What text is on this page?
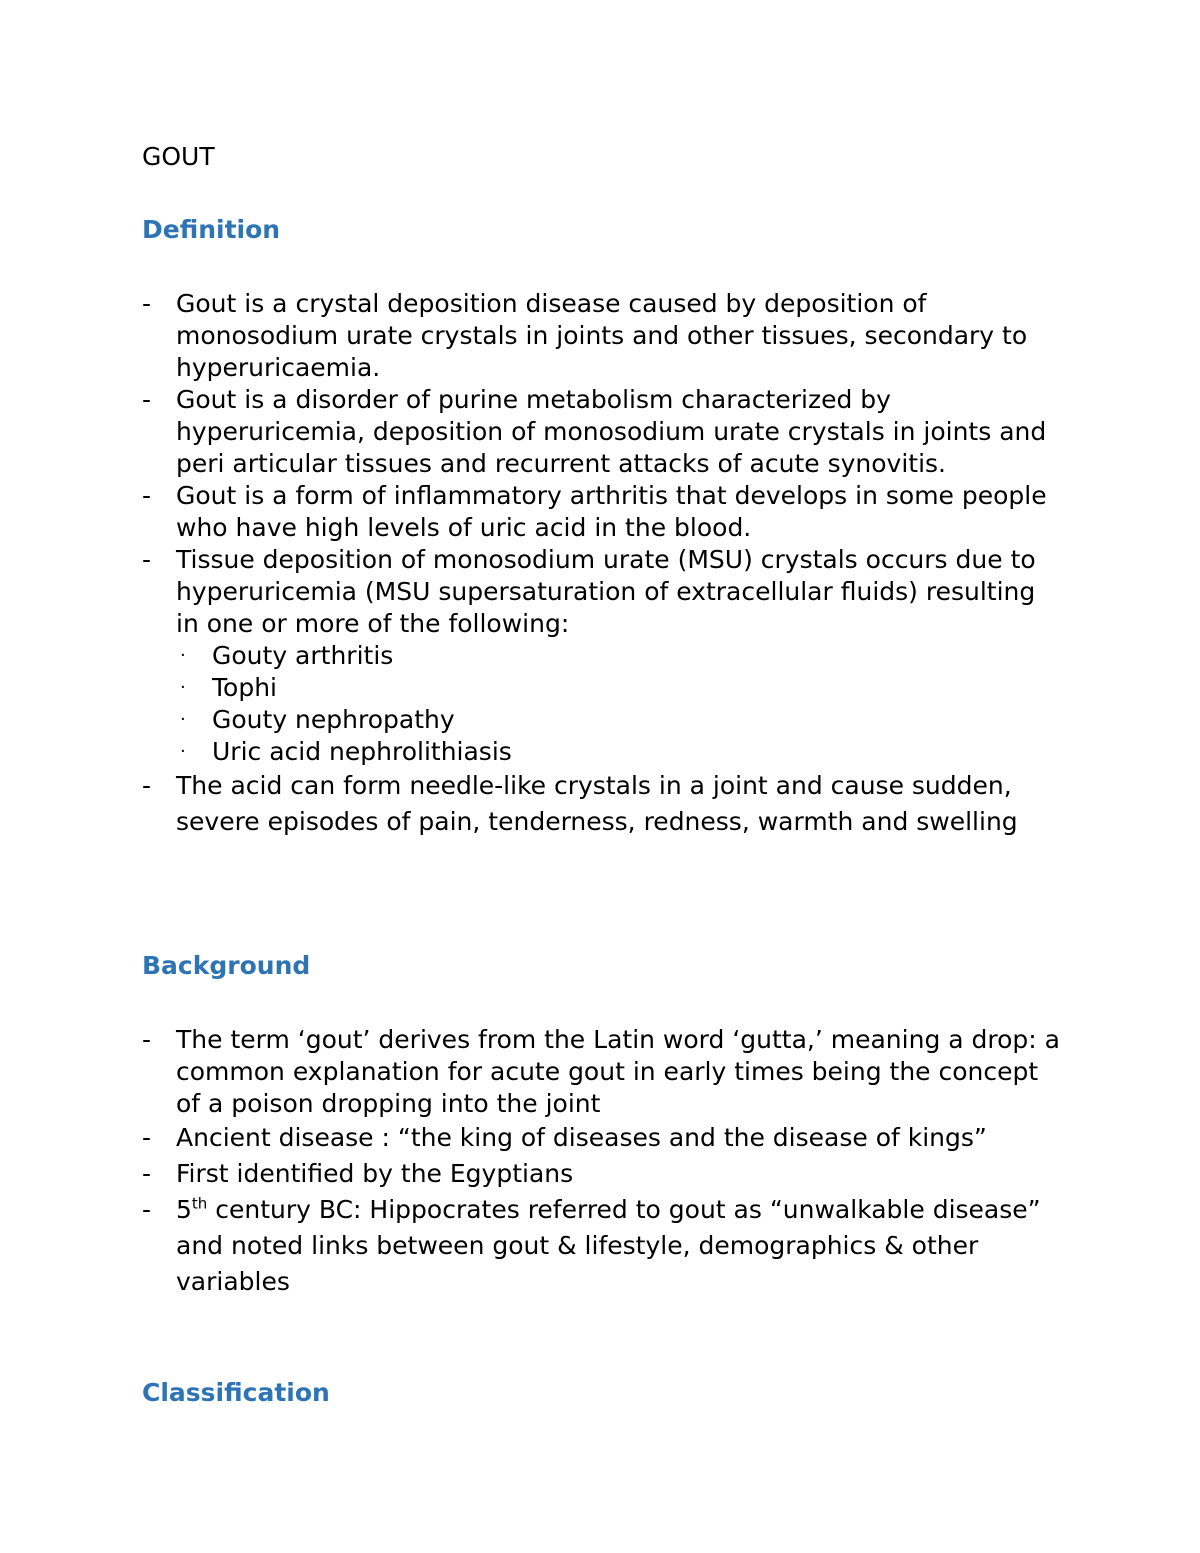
GOUT
Definition
- Gout is a crystal deposition disease caused by deposition of monosodium urate crystals in joints and other tissues, secondary to hyperuricaemia.
- Gout is a disorder of purine metabolism characterized by hyperuricemia, deposition of monosodium urate crystals in joints and peri articular tissues and recurrent attacks of acute synovitis.
- Gout is a form of inflammatory arthritis that develops in some people who have high levels of uric acid in the blood.
- Tissue deposition of monosodium urate (MSU) crystals occurs due to hyperuricemia (MSU supersaturation of extracellular fluids) resulting in one or more of the following:
· Gouty arthritis
· Tophi
· Gouty nephropathy
· Uric acid nephrolithiasis
- The acid can form needle-like crystals in a joint and cause sudden, severe episodes of pain, tenderness, redness, warmth and swelling
Background
- The term ‘gout’ derives from the Latin word ‘gutta,’ meaning a drop: a common explanation for acute gout in early times being the concept of a poison dropping into the joint
- Ancient disease : “the king of diseases and the disease of kings”
- First identified by the Egyptians
- 5th century BC: Hippocrates referred to gout as “unwalkable disease” and noted links between gout & lifestyle, demographics & other variables
Classification
